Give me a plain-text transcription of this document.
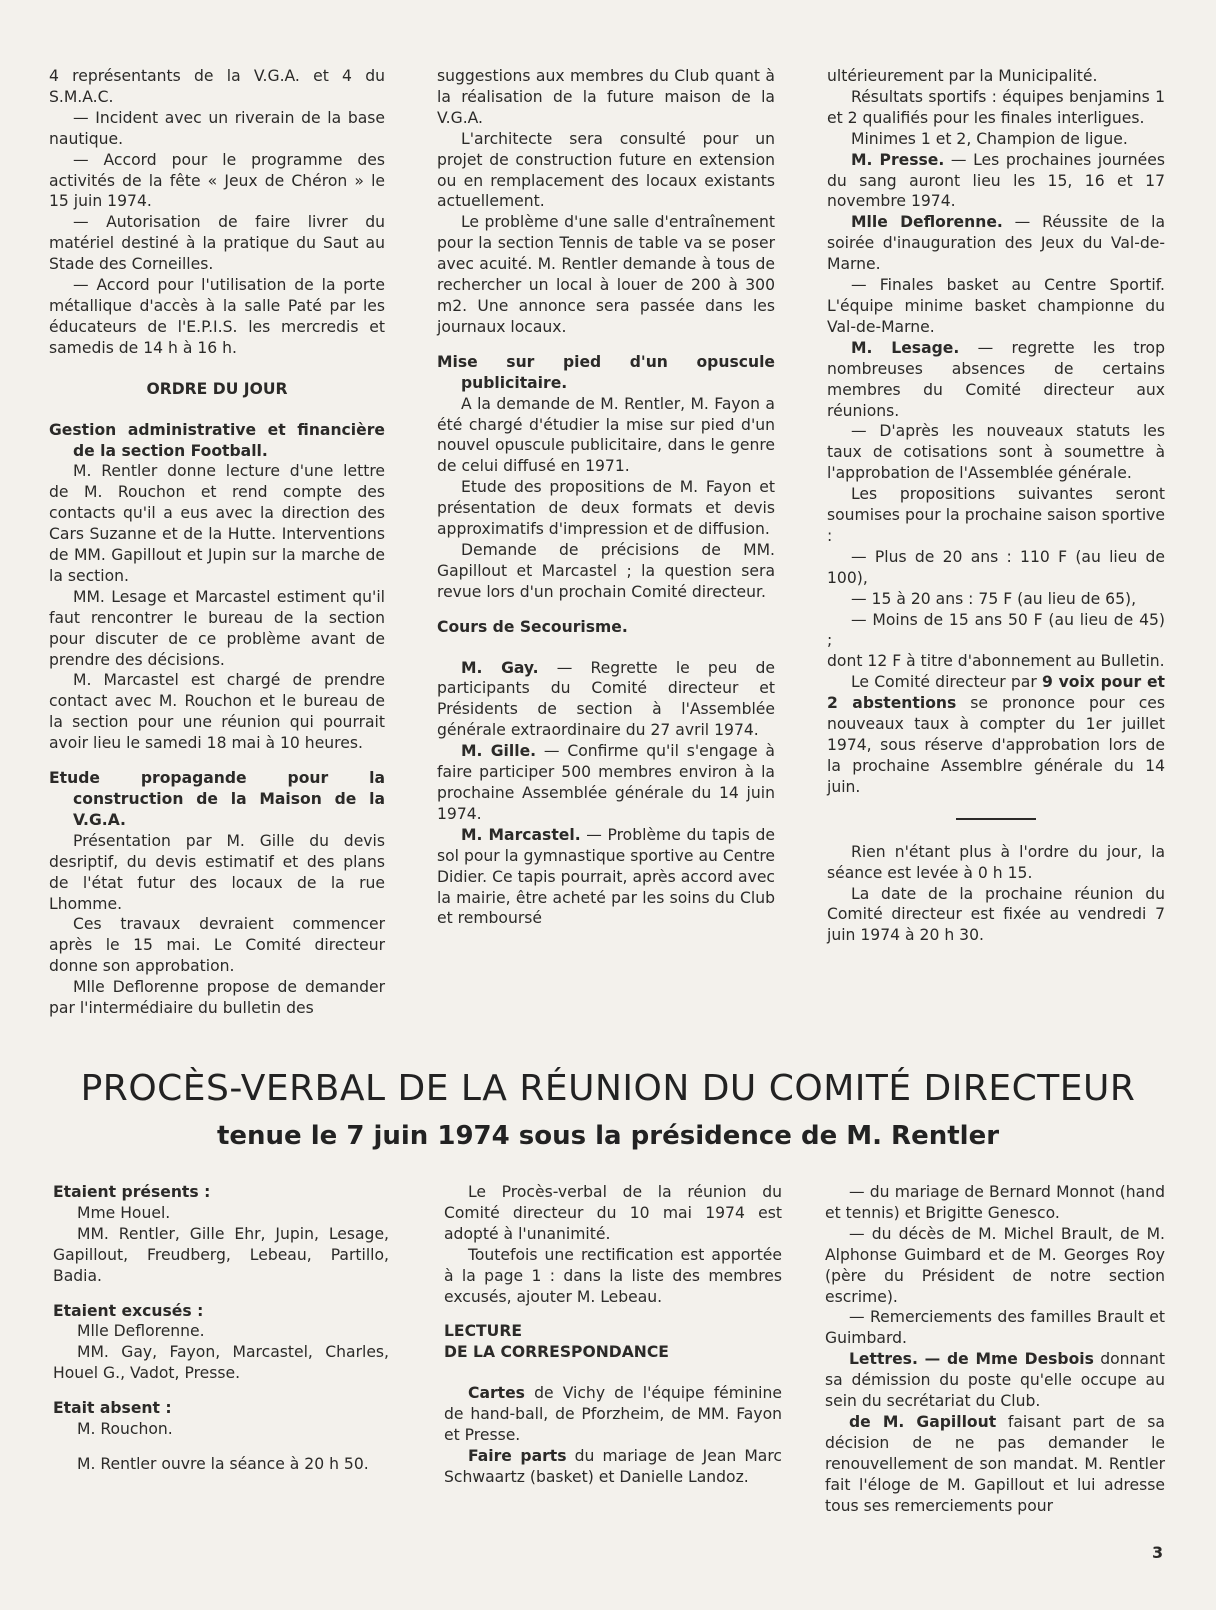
4 représentants de la V.G.A. et 4 du S.M.A.C.

— Incident avec un riverain de la base nautique.

— Accord pour le programme des activités de la fête « Jeux de Chéron » le 15 juin 1974.

— Autorisation de faire livrer du matériel destiné à la pratique du Saut au Stade des Corneilles.

— Accord pour l'utilisation de la porte métallique d'accès à la salle Paté par les éducateurs de l'E.P.I.S. les mercredis et samedis de 14 h à 16 h.

ORDRE DU JOUR

Gestion administrative et financière de la section Football.

M. Rentler donne lecture d'une lettre de M. Rouchon et rend compte des contacts qu'il a eus avec la direction des Cars Suzanne et de la Hutte. Interventions de MM. Gapillout et Jupin sur la marche de la section.

MM. Lesage et Marcastel estiment qu'il faut rencontrer le bureau de la section pour discuter de ce problème avant de prendre des décisions.

M. Marcastel est chargé de prendre contact avec M. Rouchon et le bureau de la section pour une réunion qui pourrait avoir lieu le samedi 18 mai à 10 heures.

Etude propagande pour la construction de la Maison de la V.G.A.

Présentation par M. Gille du devis desriptif, du devis estimatif et des plans de l'état futur des locaux de la rue Lhomme.

Ces travaux devraient commencer après le 15 mai. Le Comité directeur donne son approbation.

Mlle Deflorenne propose de demander par l'intermédiaire du bulletin des

suggestions aux membres du Club quant à la réalisation de la future maison de la V.G.A.

L'architecte sera consulté pour un projet de construction future en extension ou en remplacement des locaux existants actuellement.

Le problème d'une salle d'entraînement pour la section Tennis de table va se poser avec acuité. M. Rentler demande à tous de rechercher un local à louer de 200 à 300 m2. Une annonce sera passée dans les journaux locaux.

Mise sur pied d'un opuscule publicitaire.

A la demande de M. Rentler, M. Fayon a été chargé d'étudier la mise sur pied d'un nouvel opuscule publicitaire, dans le genre de celui diffusé en 1971.

Etude des propositions de M. Fayon et présentation de deux formats et devis approximatifs d'impression et de diffusion.

Demande de précisions de MM. Gapillout et Marcastel ; la question sera revue lors d'un prochain Comité directeur.

Cours de Secourisme.

M. Gay. — Regrette le peu de participants du Comité directeur et Présidents de section à l'Assemblée générale extraordinaire du 27 avril 1974.

M. Gille. — Confirme qu'il s'engage à faire participer 500 membres environ à la prochaine Assemblée générale du 14 juin 1974.

M. Marcastel. — Problème du tapis de sol pour la gymnastique sportive au Centre Didier. Ce tapis pourrait, après accord avec la mairie, être acheté par les soins du Club et remboursé

ultérieurement par la Municipalité.

Résultats sportifs : équipes benjamins 1 et 2 qualifiés pour les finales interligues.

Minimes 1 et 2, Champion de ligue.

M. Presse. — Les prochaines journées du sang auront lieu les 15, 16 et 17 novembre 1974.

Mlle Deflorenne. — Réussite de la soirée d'inauguration des Jeux du Val-de-Marne.

— Finales basket au Centre Sportif. L'équipe minime basket championne du Val-de-Marne.

M. Lesage. — regrette les trop nombreuses absences de certains membres du Comité directeur aux réunions.

— D'après les nouveaux statuts les taux de cotisations sont à soumettre à l'approbation de l'Assemblée générale.

Les propositions suivantes seront soumises pour la prochaine saison sportive :

— Plus de 20 ans : 110 F (au lieu de 100),

— 15 à 20 ans : 75 F (au lieu de 65),

— Moins de 15 ans 50 F (au lieu de 45) ;

dont 12 F à titre d'abonnement au Bulletin.

Le Comité directeur par 9 voix pour et 2 abstentions se prononce pour ces nouveaux taux à compter du 1er juillet 1974, sous réserve d'approbation lors de la prochaine Assemblre générale du 14 juin.

Rien n'étant plus à l'ordre du jour, la séance est levée à 0 h 15.

La date de la prochaine réunion du Comité directeur est fixée au vendredi 7 juin 1974 à 20 h 30.

PROCÈS-VERBAL DE LA RÉUNION DU COMITÉ DIRECTEUR
tenue le 7 juin 1974 sous la présidence de M. Rentler

Etaient présents :

Mme Houel.

MM. Rentler, Gille Ehr, Jupin, Lesage, Gapillout, Freudberg, Lebeau, Partillo, Badia.

Etaient excusés :

Mlle Deflorenne.

MM. Gay, Fayon, Marcastel, Charles, Houel G., Vadot, Presse.

Etait absent :

M. Rouchon.

M. Rentler ouvre la séance à 20 h 50.

Le Procès-verbal de la réunion du Comité directeur du 10 mai 1974 est adopté à l'unanimité.

Toutefois une rectification est apportée à la page 1 : dans la liste des membres excusés, ajouter M. Lebeau.

LECTURE

DE LA CORRESPONDANCE

Cartes de Vichy de l'équipe féminine de hand-ball, de Pforzheim, de MM. Fayon et Presse.

Faire parts du mariage de Jean Marc Schwaartz (basket) et Danielle Landoz.

— du mariage de Bernard Monnot (hand et tennis) et Brigitte Genesco.

— du décès de M. Michel Brault, de M. Alphonse Guimbard et de M. Georges Roy (père du Président de notre section escrime).

— Remerciements des familles Brault et Guimbard.

Lettres. — de Mme Desbois donnant sa démission du poste qu'elle occupe au sein du secrétariat du Club.

de M. Gapillout faisant part de sa décision de ne pas demander le renouvellement de son mandat. M. Rentler fait l'éloge de M. Gapillout et lui adresse tous ses remerciements pour

3
